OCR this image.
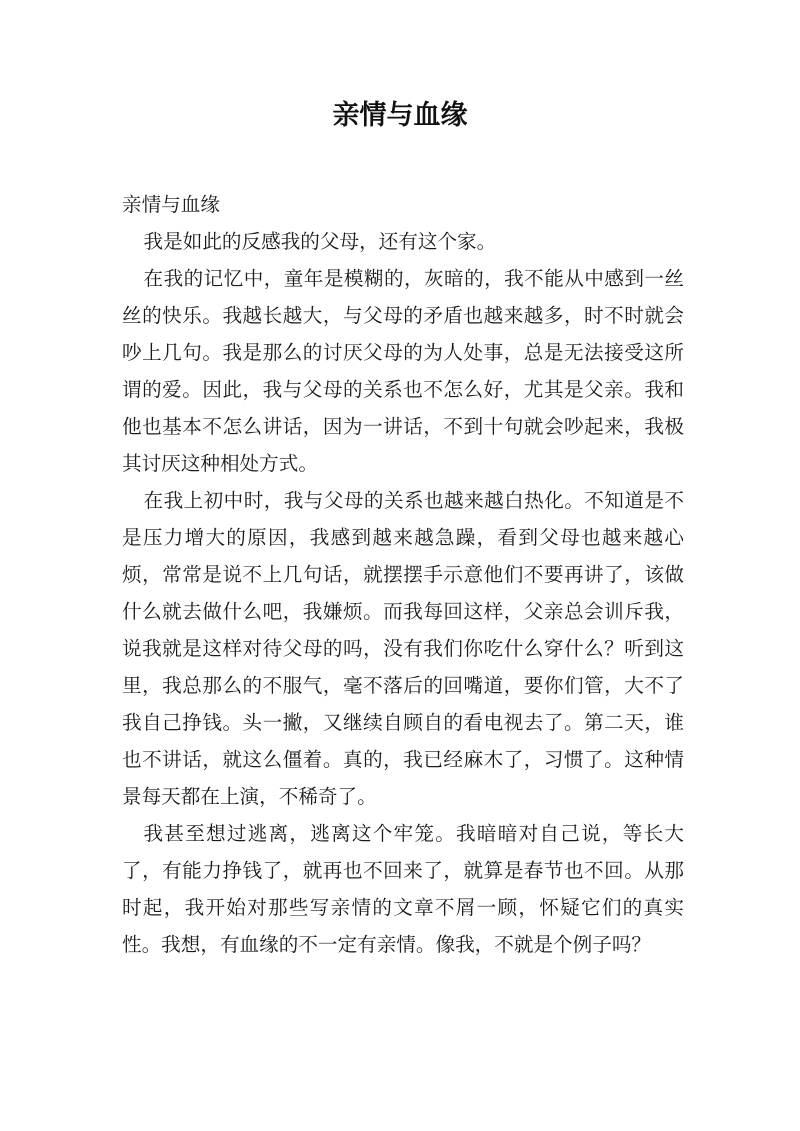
亲情与血缘

亲情与血缘

我是如此的反感我的父母，还有这个家。

在我的记忆中，童年是模糊的，灰暗的，我不能从中感到一丝丝的快乐。我越长越大，与父母的矛盾也越来越多，时不时就会吵上几句。我是那么的讨厌父母的为人处事，总是无法接受这所谓的爱。因此，我与父母的关系也不怎么好，尤其是父亲。我和他也基本不怎么讲话，因为一讲话，不到十句就会吵起来，我极其讨厌这种相处方式。

在我上初中时，我与父母的关系也越来越白热化。不知道是不是压力增大的原因，我感到越来越急躁，看到父母也越来越心烦，常常是说不上几句话，就摆摆手示意他们不要再讲了，该做什么就去做什么吧，我嫌烦。而我每回这样，父亲总会训斥我，说我就是这样对待父母的吗，没有我们你吃什么穿什么？听到这里，我总那么的不服气，毫不落后的回嘴道，要你们管，大不了我自己挣钱。头一撇，又继续自顾自的看电视去了。第二天，谁也不讲话，就这么僵着。真的，我已经麻木了，习惯了。这种情景每天都在上演，不稀奇了。

我甚至想过逃离，逃离这个牢笼。我暗暗对自己说，等长大了，有能力挣钱了，就再也不回来了，就算是春节也不回。从那时起，我开始对那些写亲情的文章不屑一顾，怀疑它们的真实性。我想，有血缘的不一定有亲情。像我，不就是个例子吗？
